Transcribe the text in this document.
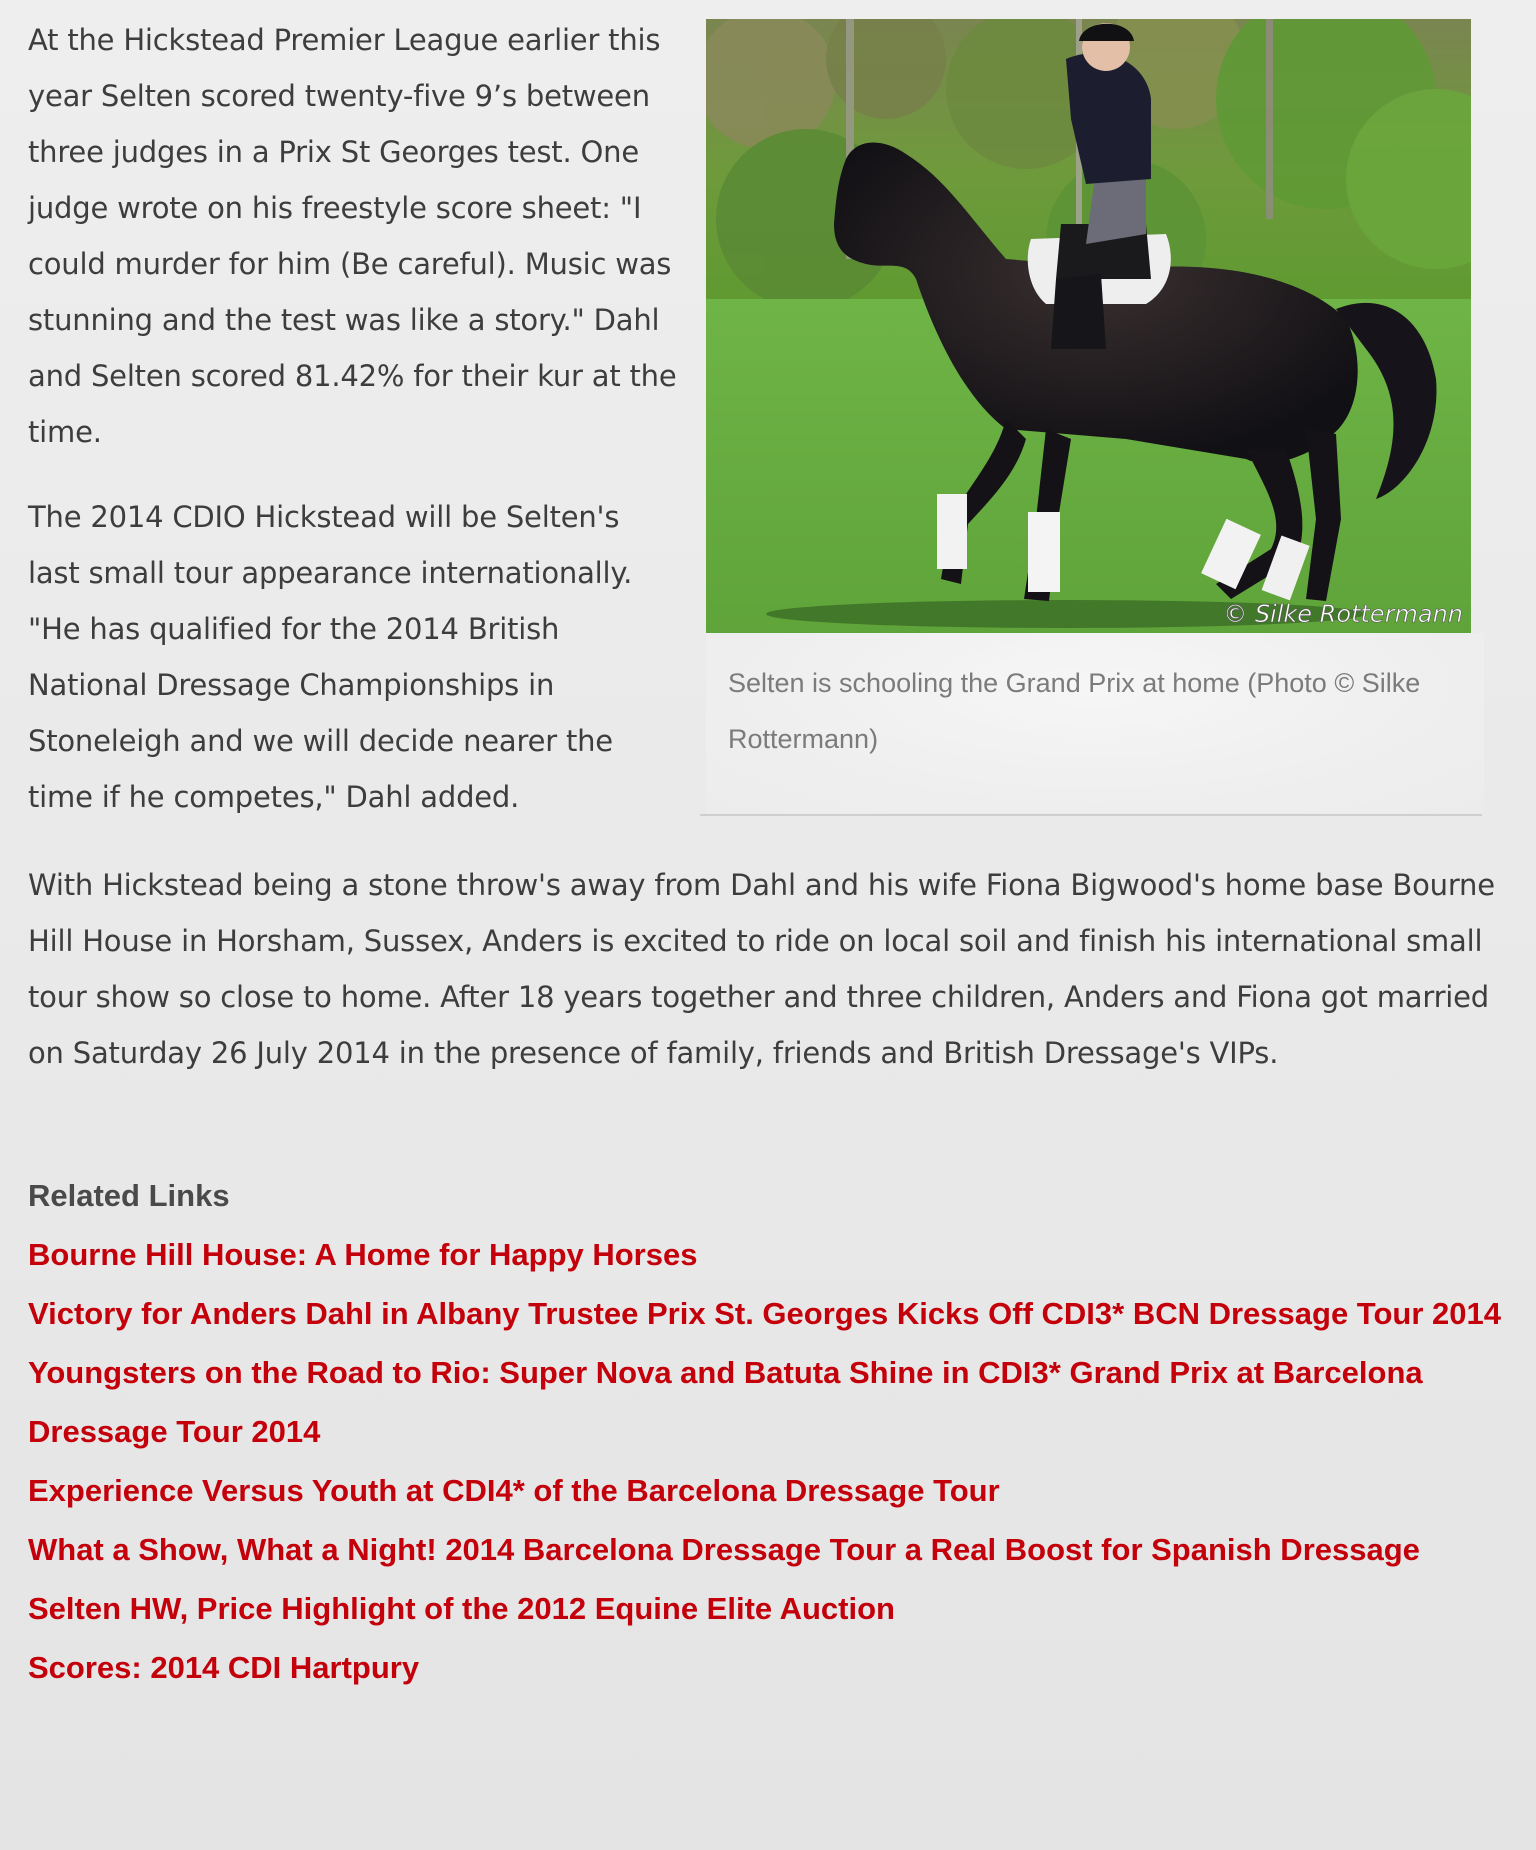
At the Hickstead Premier League earlier this year Selten scored twenty-five 9’s between three judges in a Prix St Georges test. One judge wrote on his freestyle score sheet: "I could murder for him (Be careful). Music was stunning and the test was like a story." Dahl and Selten scored 81.42% for their kur at the time.

The 2014 CDIO Hickstead will be Selten's last small tour appearance internationally. "He has qualified for the 2014 British National Dressage Championships in Stoneleigh and we will decide nearer the time if he competes," Dahl added.

© Silke Rottermann

Selten is schooling the Grand Prix at home (Photo © Silke Rottermann)

With Hickstead being a stone throw's away from Dahl and his wife Fiona Bigwood's home base Bourne Hill House in Horsham, Sussex, Anders is excited to ride on local soil and finish his international small tour show so close to home. After 18 years together and three children, Anders and Fiona got married on Saturday 26 July 2014 in the presence of family, friends and British Dressage's VIPs.

Related Links
Bourne Hill House: A Home for Happy Horses
Victory for Anders Dahl in Albany Trustee Prix St. Georges Kicks Off CDI3* BCN Dressage Tour 2014
Youngsters on the Road to Rio: Super Nova and Batuta Shine in CDI3* Grand Prix at Barcelona Dressage Tour 2014
Experience Versus Youth at CDI4* of the Barcelona Dressage Tour
What a Show, What a Night! 2014 Barcelona Dressage Tour a Real Boost for Spanish Dressage
Selten HW, Price Highlight of the 2012 Equine Elite Auction
Scores: 2014 CDI Hartpury
